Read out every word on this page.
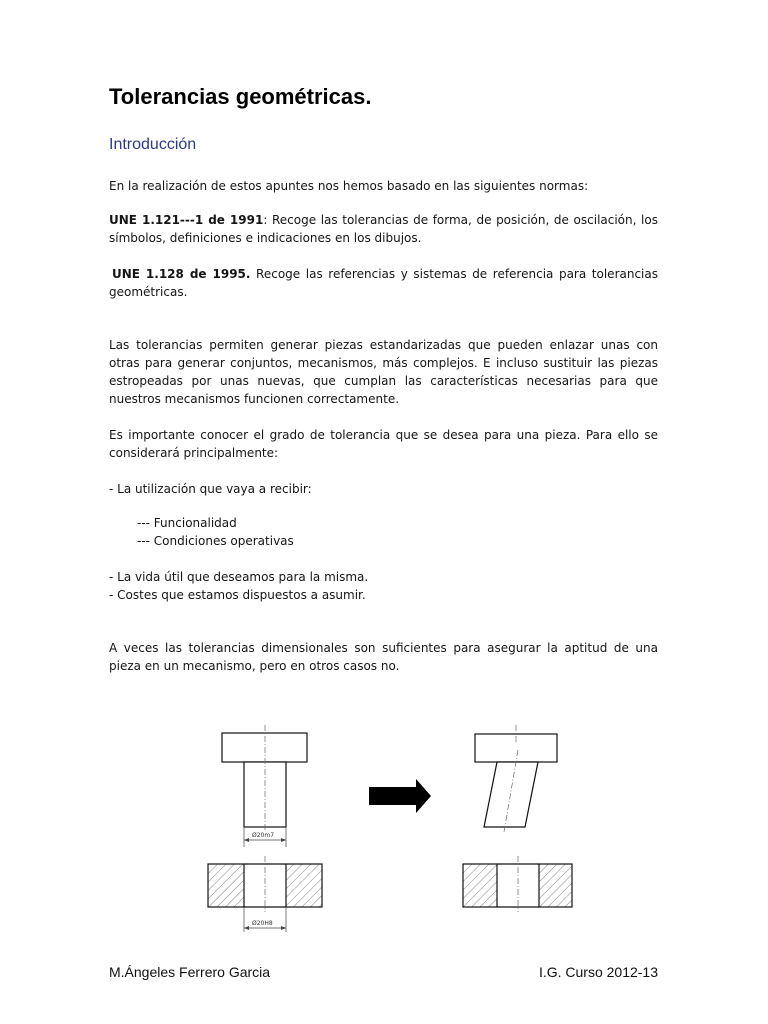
Tolerancias geométricas.
Introducción

En la realización de estos apuntes nos hemos basado en las siguientes normas:

UNE 1.121---1 de 1991: Recoge las tolerancias de forma, de posición, de oscilación, los símbolos, definiciones e indicaciones en los dibujos.

UNE 1.128 de 1995. Recoge las referencias y sistemas de referencia para tolerancias geométricas.

Las tolerancias permiten generar piezas estandarizadas que pueden enlazar unas con otras para generar conjuntos, mecanismos, más complejos. E incluso sustituir las piezas estropeadas por unas nuevas, que cumplan las características necesarias para que nuestros mecanismos funcionen correctamente.

Es importante conocer el grado de tolerancia que se desea para una pieza. Para ello se considerará principalmente:

- La utilización que vaya a recibir:

--- Funcionalidad

--- Condiciones operativas

- La vida útil que deseamos para la misma.

- Costes que estamos dispuestos a asumir.

A veces las tolerancias dimensionales son suficientes para asegurar la aptitud de una pieza en un mecanismo, pero en otros casos no.

Ø20m7
Ø20H8

M.Ángeles Ferrero Garcia	I.G. Curso 2012-13
